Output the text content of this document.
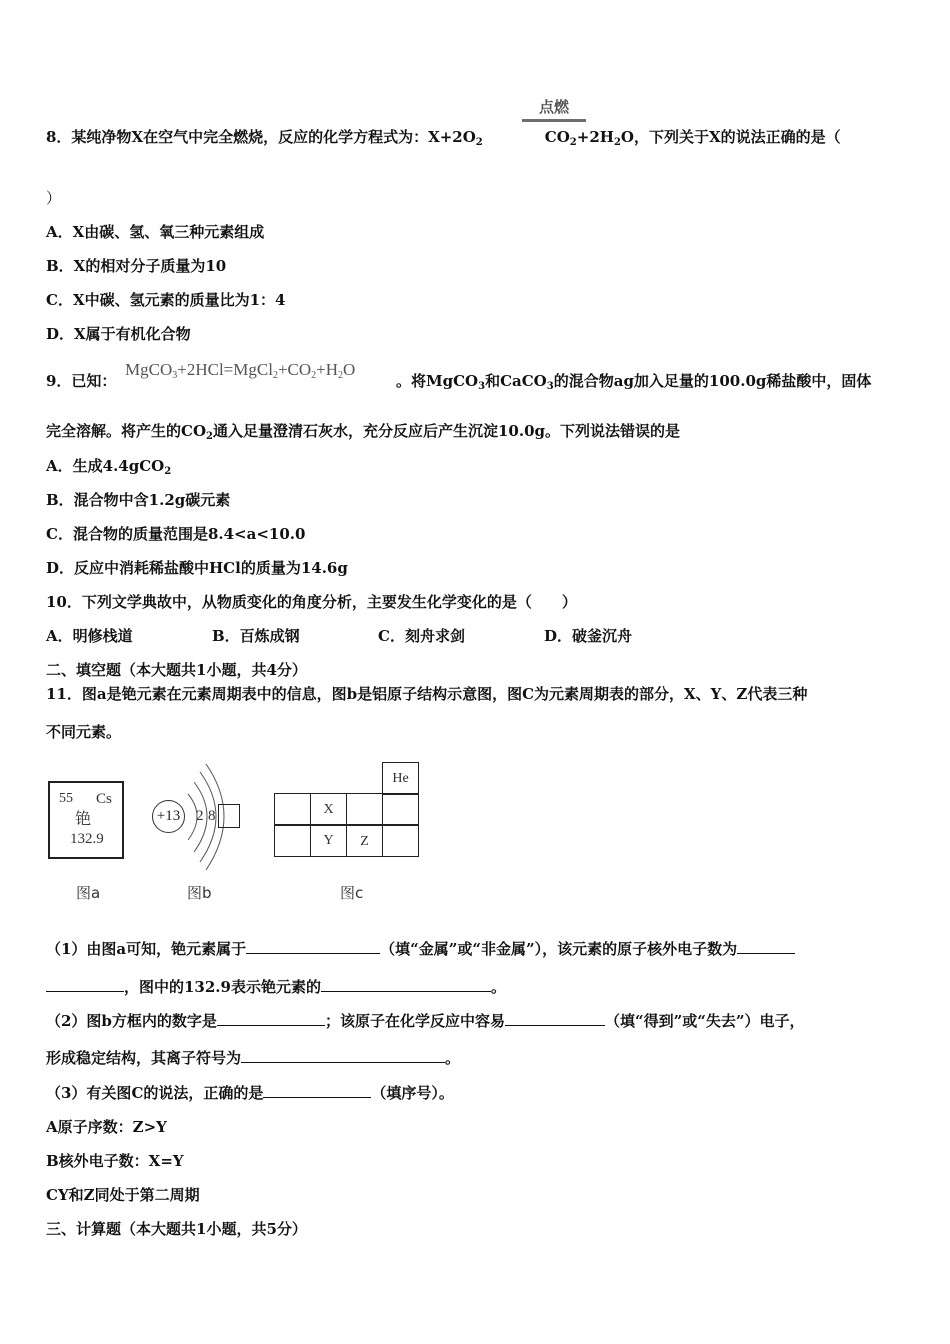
点燃
8．某纯净物X在空气中完全燃烧，反应的化学方程式为：$X+2O_2$	$CO_2+2H_2O$，下列关于X的说法正确的是（
）
A．X由碳、氢、氧三种元素组成
B．X的相对分子质量为10
C．X中碳、氢元素的质量比为1：4
D．X属于有机化合物
$MgCO_3+2HCl=MgCl_2+CO_2+H_2O$
9．已知：	。将MgCO$_3$和CaCO$_3$的混合物ag加入足量的100.0g稀盐酸中，固体
完全溶解。将产生的$CO_2$通入足量澄清石灰水，充分反应后产生沉淀10.0g。下列说法错误的是
A．生成4.4gCO$_2$
B．混合物中含1.2g碳元素
C．混合物的质量范围是8.4<a<10.0
D．反应中消耗稀盐酸中HCl的质量为14.6g
10．下列文学典故中，从物质变化的角度分析，主要发生化学变化的是（　　）
A．明修栈道	B．百炼成钢	C．刻舟求剑	D．破釜沉舟
二、填空题（本大题共1小题，共4分）
11．图a是铯元素在元素周期表中的信息，图b是铝原子结构示意图，图C为元素周期表的部分，X、Y、Z代表三种
不同元素。
55 Cs
铯
132.9
图a
+13	2 8
图b
He
X
Y	Z
图c
（1）由图a可知，铯元素属于	（填“金属”或“非金属”），该元素的原子核外电子数为
，图中的132.9表示铯元素的	。
（2）图b方框内的数字是	；该原子在化学反应中容易	（填“得到”或“失去”）电子，
形成稳定结构，其离子符号为	。
（3）有关图C的说法，正确的是	（填序号）。
A原子序数：Z>Y
B核外电子数：X=Y
CY和Z同处于第二周期
三、计算题（本大题共1小题，共5分）
